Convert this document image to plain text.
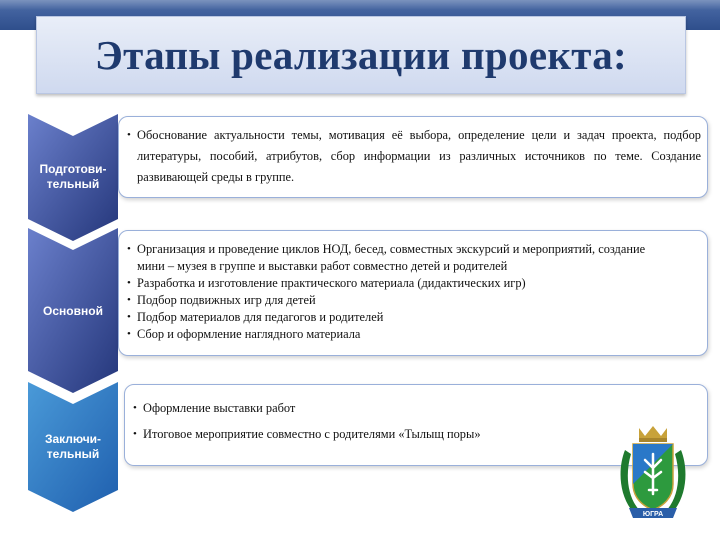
Этапы реализации проекта:
Подготови-
тельный
• Обоснование актуальности темы, мотивация её выбора, определение цели и задач проекта, подбор литературы, пособий, атрибутов, сбор информации из различных источников по теме. Создание развивающей среды в группе.
Основной
• Организация и проведение циклов НОД, бесед, совместных экскурсий и мероприятий, создание мини – музея в группе и выставки работ совместно детей и родителей
• Разработка и изготовление практического материала (дидактических игр)
• Подбор подвижных игр для детей
• Подбор материалов для педагогов и родителей
• Сбор и оформление наглядного материала
Заключи-
тельный
• Оформление выставки работ
• Итоговое мероприятие совместно с родителями «Тылыщ поры»
ЮГРА
